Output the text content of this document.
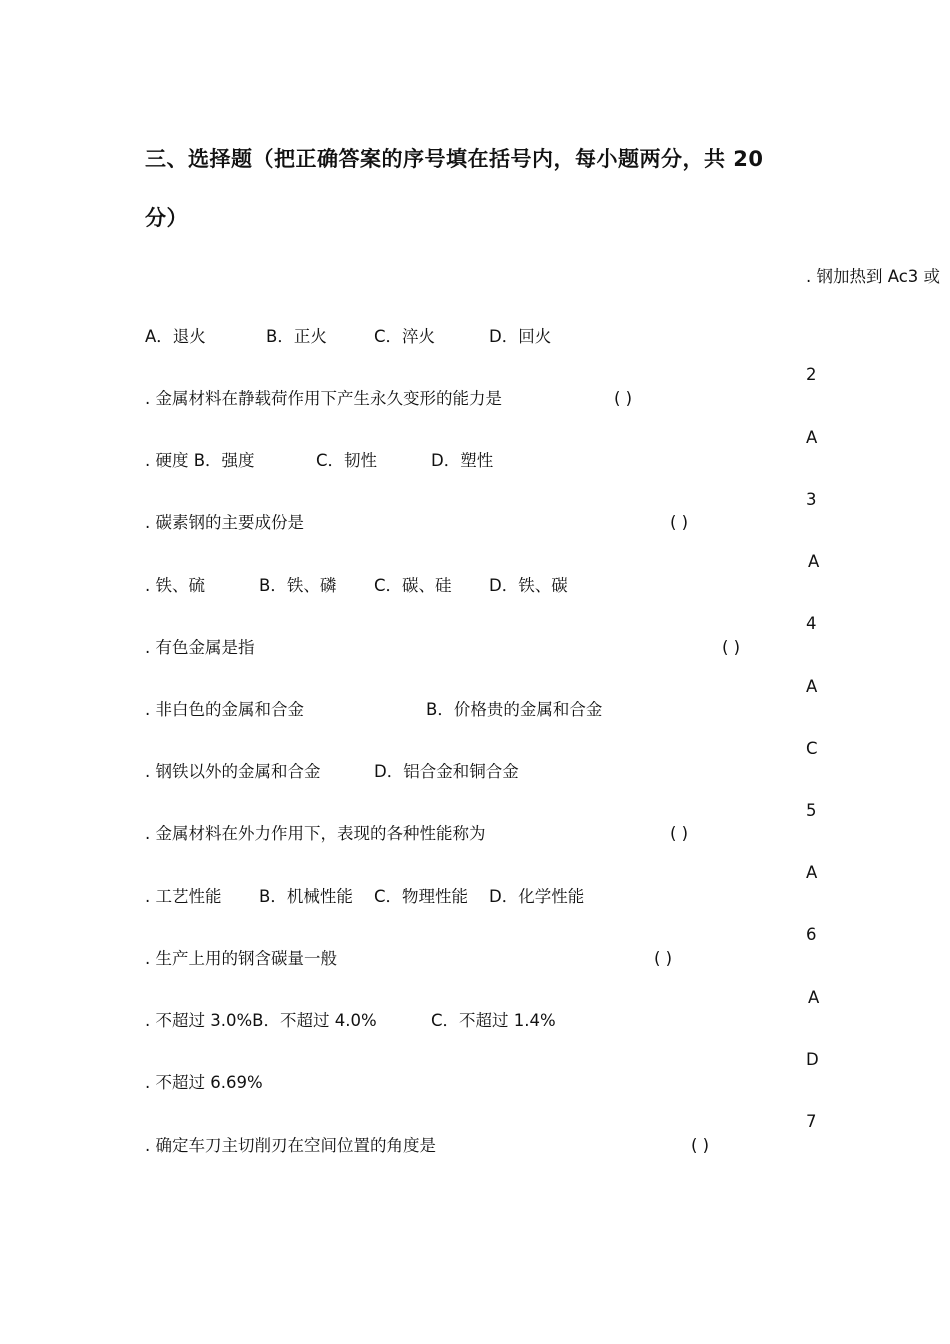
三、选择题（把正确答案的序号填在括号内，每小题两分，共 20
分）
. 钢加热到 Ac3 或
A．退火	B．正火	C．淬火	D．回火
2
. 金属材料在静载荷作用下产生永久变形的能力是	( )
A
. 硬度 B．强度	C．韧性	D．塑性
3
. 碳素钢的主要成份是	( )
A
. 铁、硫	B．铁、磷 C．碳、硅 D．铁、碳
4
. 有色金属是指	( )
A
. 非白色的金属和合金	B．价格贵的金属和合金
C
. 钢铁以外的金属和合金	D．铝合金和铜合金
5
. 金属材料在外力作用下，表现的各种性能称为	( )
A
. 工艺性能 B．机械性能 C．物理性能 D．化学性能
6
. 生产上用的钢含碳量一般	( )
A
. 不超过 3.0%B．不超过 4.0%	C．不超过 1.4%
D
. 不超过 6.69%
7
. 确定车刀主切削刃在空间位置的角度是	( )
